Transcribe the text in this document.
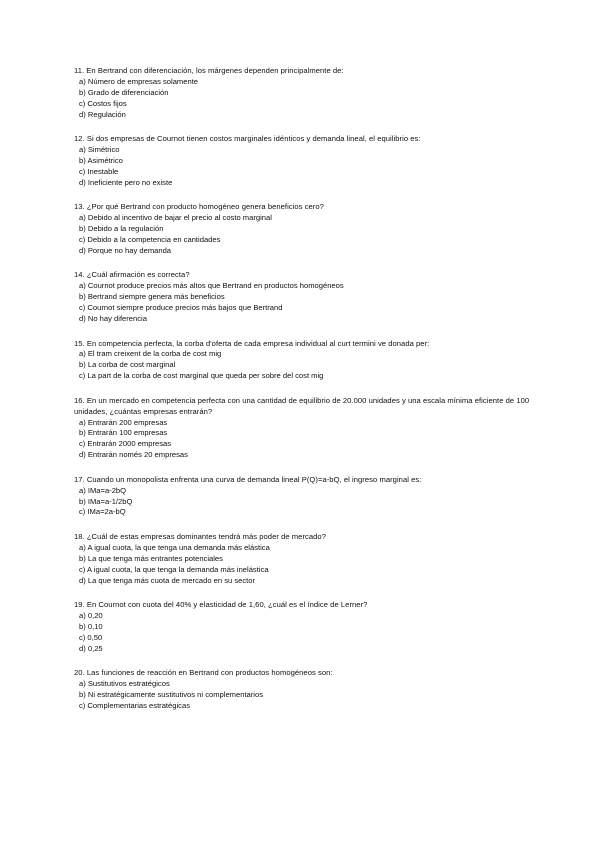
11. En Bertrand con diferenciación, los márgenes dependen principalmente de:

a) Número de empresas solamente
b) Grado de diferenciación
c) Costos fijos
d) Regulación

12. Si dos empresas de Cournot tienen costos marginales idénticos y demanda lineal, el equilibrio es:

a) Simétrico
b) Asimétrico
c) Inestable
d) Ineficiente pero no existe

13. ¿Por qué Bertrand con producto homogéneo genera beneficios cero?

a) Debido al incentivo de bajar el precio al costo marginal
b) Debido a la regulación
c) Debido a la competencia en cantidades
d) Porque no hay demanda

14. ¿Cuál afirmación es correcta?

a) Cournot produce precios más altos que Bertrand en productos homogéneos
b) Bertrand siempre genera más beneficios
c) Cournot siempre produce precios más bajos que Bertrand
d) No hay diferencia

15. En competencia perfecta, la corba d'oferta de cada empresa individual al curt termini ve donada per:

a) El tram creixent de la corba de cost mig
b) La corba de cost marginal
c) La part de la corba de cost marginal que queda per sobre del cost mig

16. En un mercado en competencia perfecta con una cantidad de equilibrio de 20.000 unidades y una escala mínima eficiente de 100 unidades, ¿cuántas empresas entrarán?

a) Entrarán 200 empresas
b) Entrarán 100 empresas
c) Entrarán 2000 empresas
d) Entrarán només 20 empresas

17. Cuando un monopolista enfrenta una curva de demanda lineal P(Q)=a-bQ, el ingreso marginal es:

a) IMa=a-2bQ
b) IMa=a-1/2bQ
c) IMa=2a-bQ

18. ¿Cuál de estas empresas dominantes tendrá más poder de mercado?

a) A igual cuota, la que tenga una demanda más elástica
b) La que tenga más entrantes potenciales
c) A igual cuota, la que tenga la demanda más inelástica
d) La que tenga más cuota de mercado en su sector

19. En Cournot con cuota del 40% y elasticidad de 1,60, ¿cuál es el índice de Lerner?

a) 0,20
b) 0,10
c) 0,50
d) 0,25

20. Las funciones de reacción en Bertrand con productos homogéneos son:

a) Sustitutivos estratégicos
b) Ni estratégicamente sustitutivos ni complementarios
c) Complementarias estratégicas
